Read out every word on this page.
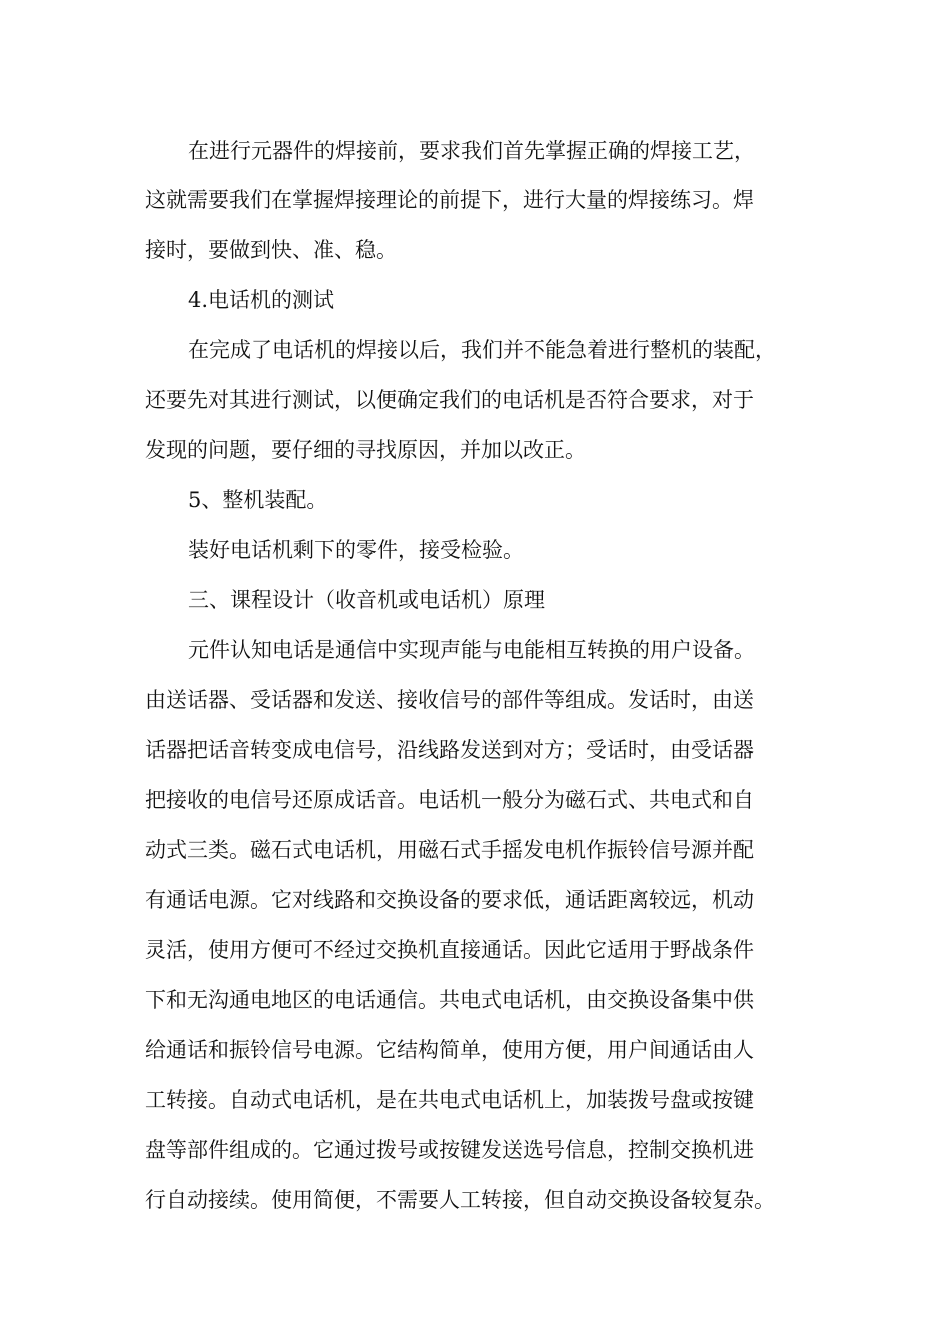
在进行元器件的焊接前，要求我们首先掌握正确的焊接工艺，
这就需要我们在掌握焊接理论的前提下，进行大量的焊接练习。焊
接时，要做到快、准、稳。
4.电话机的测试
在完成了电话机的焊接以后，我们并不能急着进行整机的装配，
还要先对其进行测试，以便确定我们的电话机是否符合要求，对于
发现的问题，要仔细的寻找原因，并加以改正。
5、整机装配。
装好电话机剩下的零件，接受检验。
三、课程设计（收音机或电话机）原理
元件认知电话是通信中实现声能与电能相互转换的用户设备。
由送话器、受话器和发送、接收信号的部件等组成。发话时，由送
话器把话音转变成电信号，沿线路发送到对方；受话时，由受话器
把接收的电信号还原成话音。电话机一般分为磁石式、共电式和自
动式三类。磁石式电话机，用磁石式手摇发电机作振铃信号源并配
有通话电源。它对线路和交换设备的要求低，通话距离较远，机动
灵活，使用方便可不经过交换机直接通话。因此它适用于野战条件
下和无沟通电地区的电话通信。共电式电话机，由交换设备集中供
给通话和振铃信号电源。它结构简单，使用方便，用户间通话由人
工转接。自动式电话机，是在共电式电话机上，加装拨号盘或按键
盘等部件组成的。它通过拨号或按键发送选号信息，控制交换机进
行自动接续。使用简便，不需要人工转接，但自动交换设备较复杂。
